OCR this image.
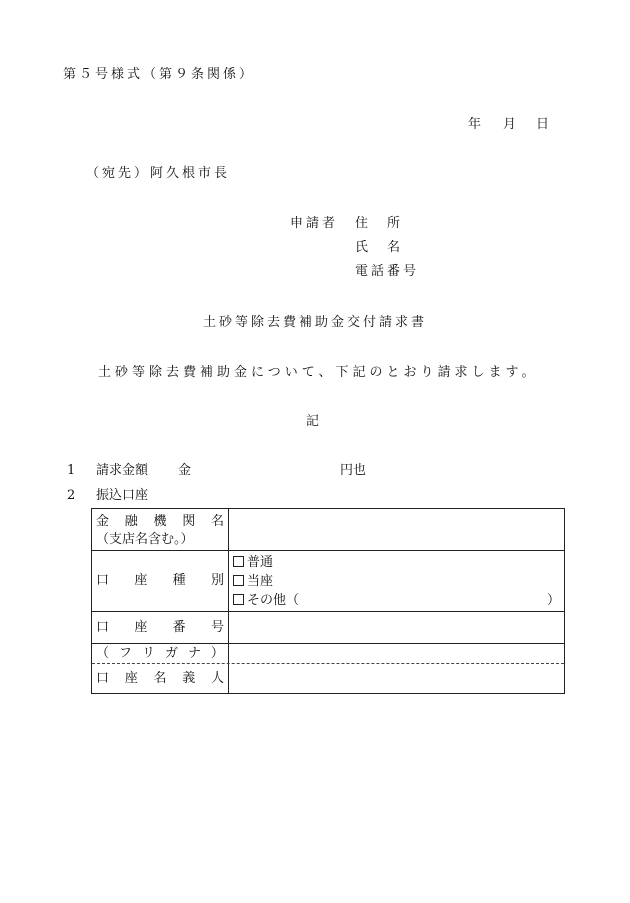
第５号様式（第９条関係）
年 月 日
（宛先）阿久根市長
申請者 住　所
氏　名
電話番号
土砂等除去費補助金交付請求書
土砂等除去費補助金について、下記のとおり請求します。
記
1 請求金額 金	円也
2 振込口座
金 融 機 関 名
（支店名含む。）
口 座 種 別
普通
当座
その他（	）
口 座 番 号
（ フ リ ガ ナ ）
口 座 名 義 人
